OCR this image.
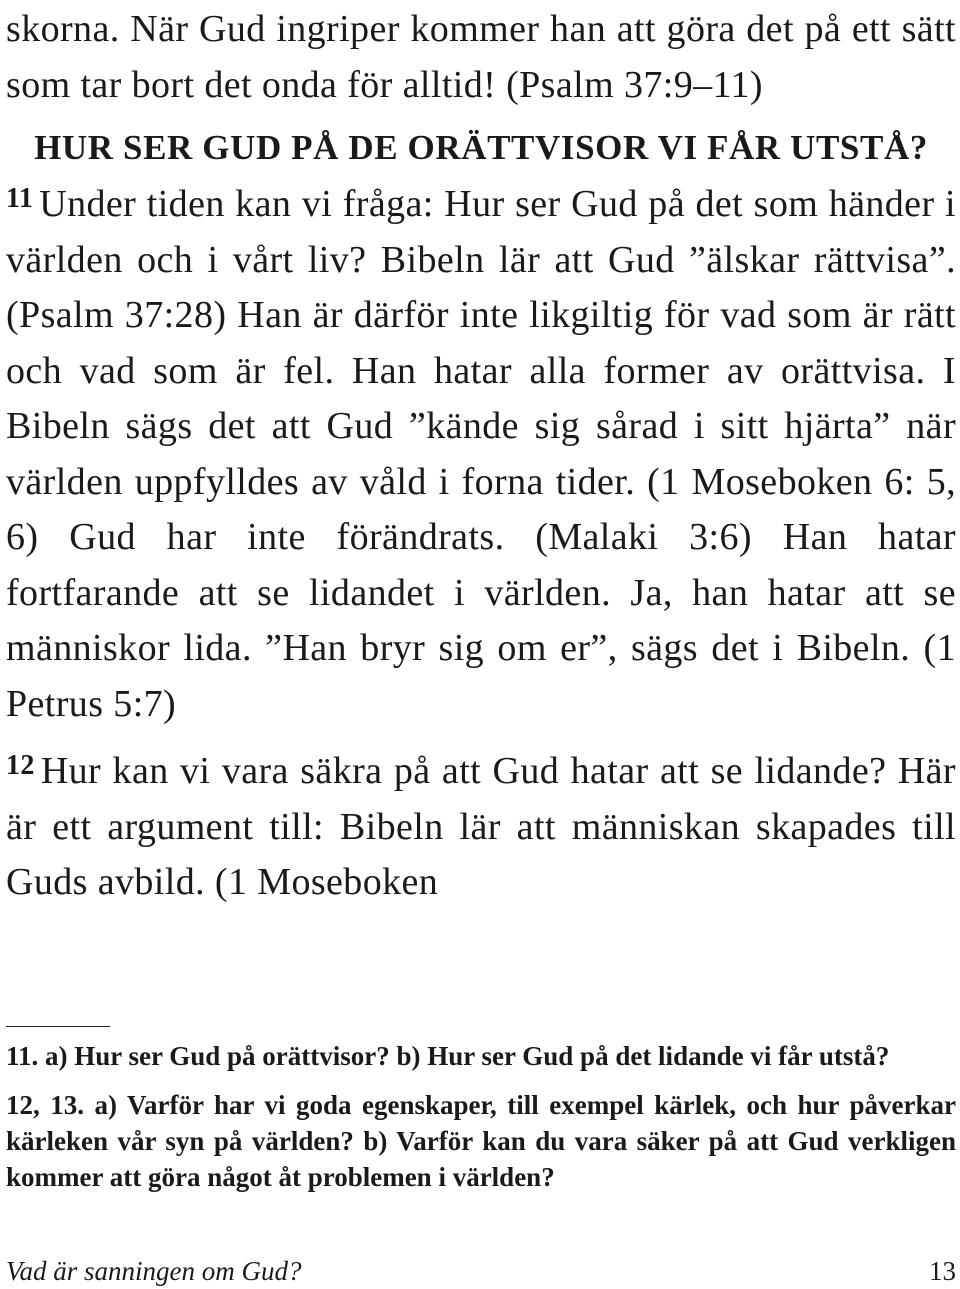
skorna. När Gud ingriper kommer han att göra det på ett sätt som tar bort det onda för alltid! (Psalm 37:9–11)

HUR SER GUD PÅ DE ORÄTTVISOR VI FÅR UTSTÅ?

$^{11}$ Under tiden kan vi fråga: Hur ser Gud på det som händer i världen och i vårt liv? Bibeln lär att Gud ”älskar rättvisa”. (Psalm 37:28) Han är därför inte likgiltig för vad som är rätt och vad som är fel. Han hatar alla former av orättvisa. I Bibeln sägs det att Gud ”kände sig sårad i sitt hjärta” när världen uppfylldes av våld i forna tider. (1 Moseboken 6: 5, 6) Gud har inte förändrats. (Malaki 3:6) Han hatar fortfarande att se lidandet i världen. Ja, han hatar att se människor lida. ”Han bryr sig om er”, sägs det i Bibeln. (1 Petrus 5:7)

$^{12}$ Hur kan vi vara säkra på att Gud hatar att se lidande? Här är ett argument till: Bibeln lär att människan skapades till Guds avbild. (1 Moseboken

11. a) Hur ser Gud på orättvisor? b) Hur ser Gud på det lidande vi får utstå?

12, 13. a) Varför har vi goda egenskaper, till exempel kärlek, och hur påverkar kärleken vår syn på världen? b) Varför kan du vara säker på att Gud verkligen kommer att göra något åt problemen i världen?

Vad är sanningen om Gud?	13
